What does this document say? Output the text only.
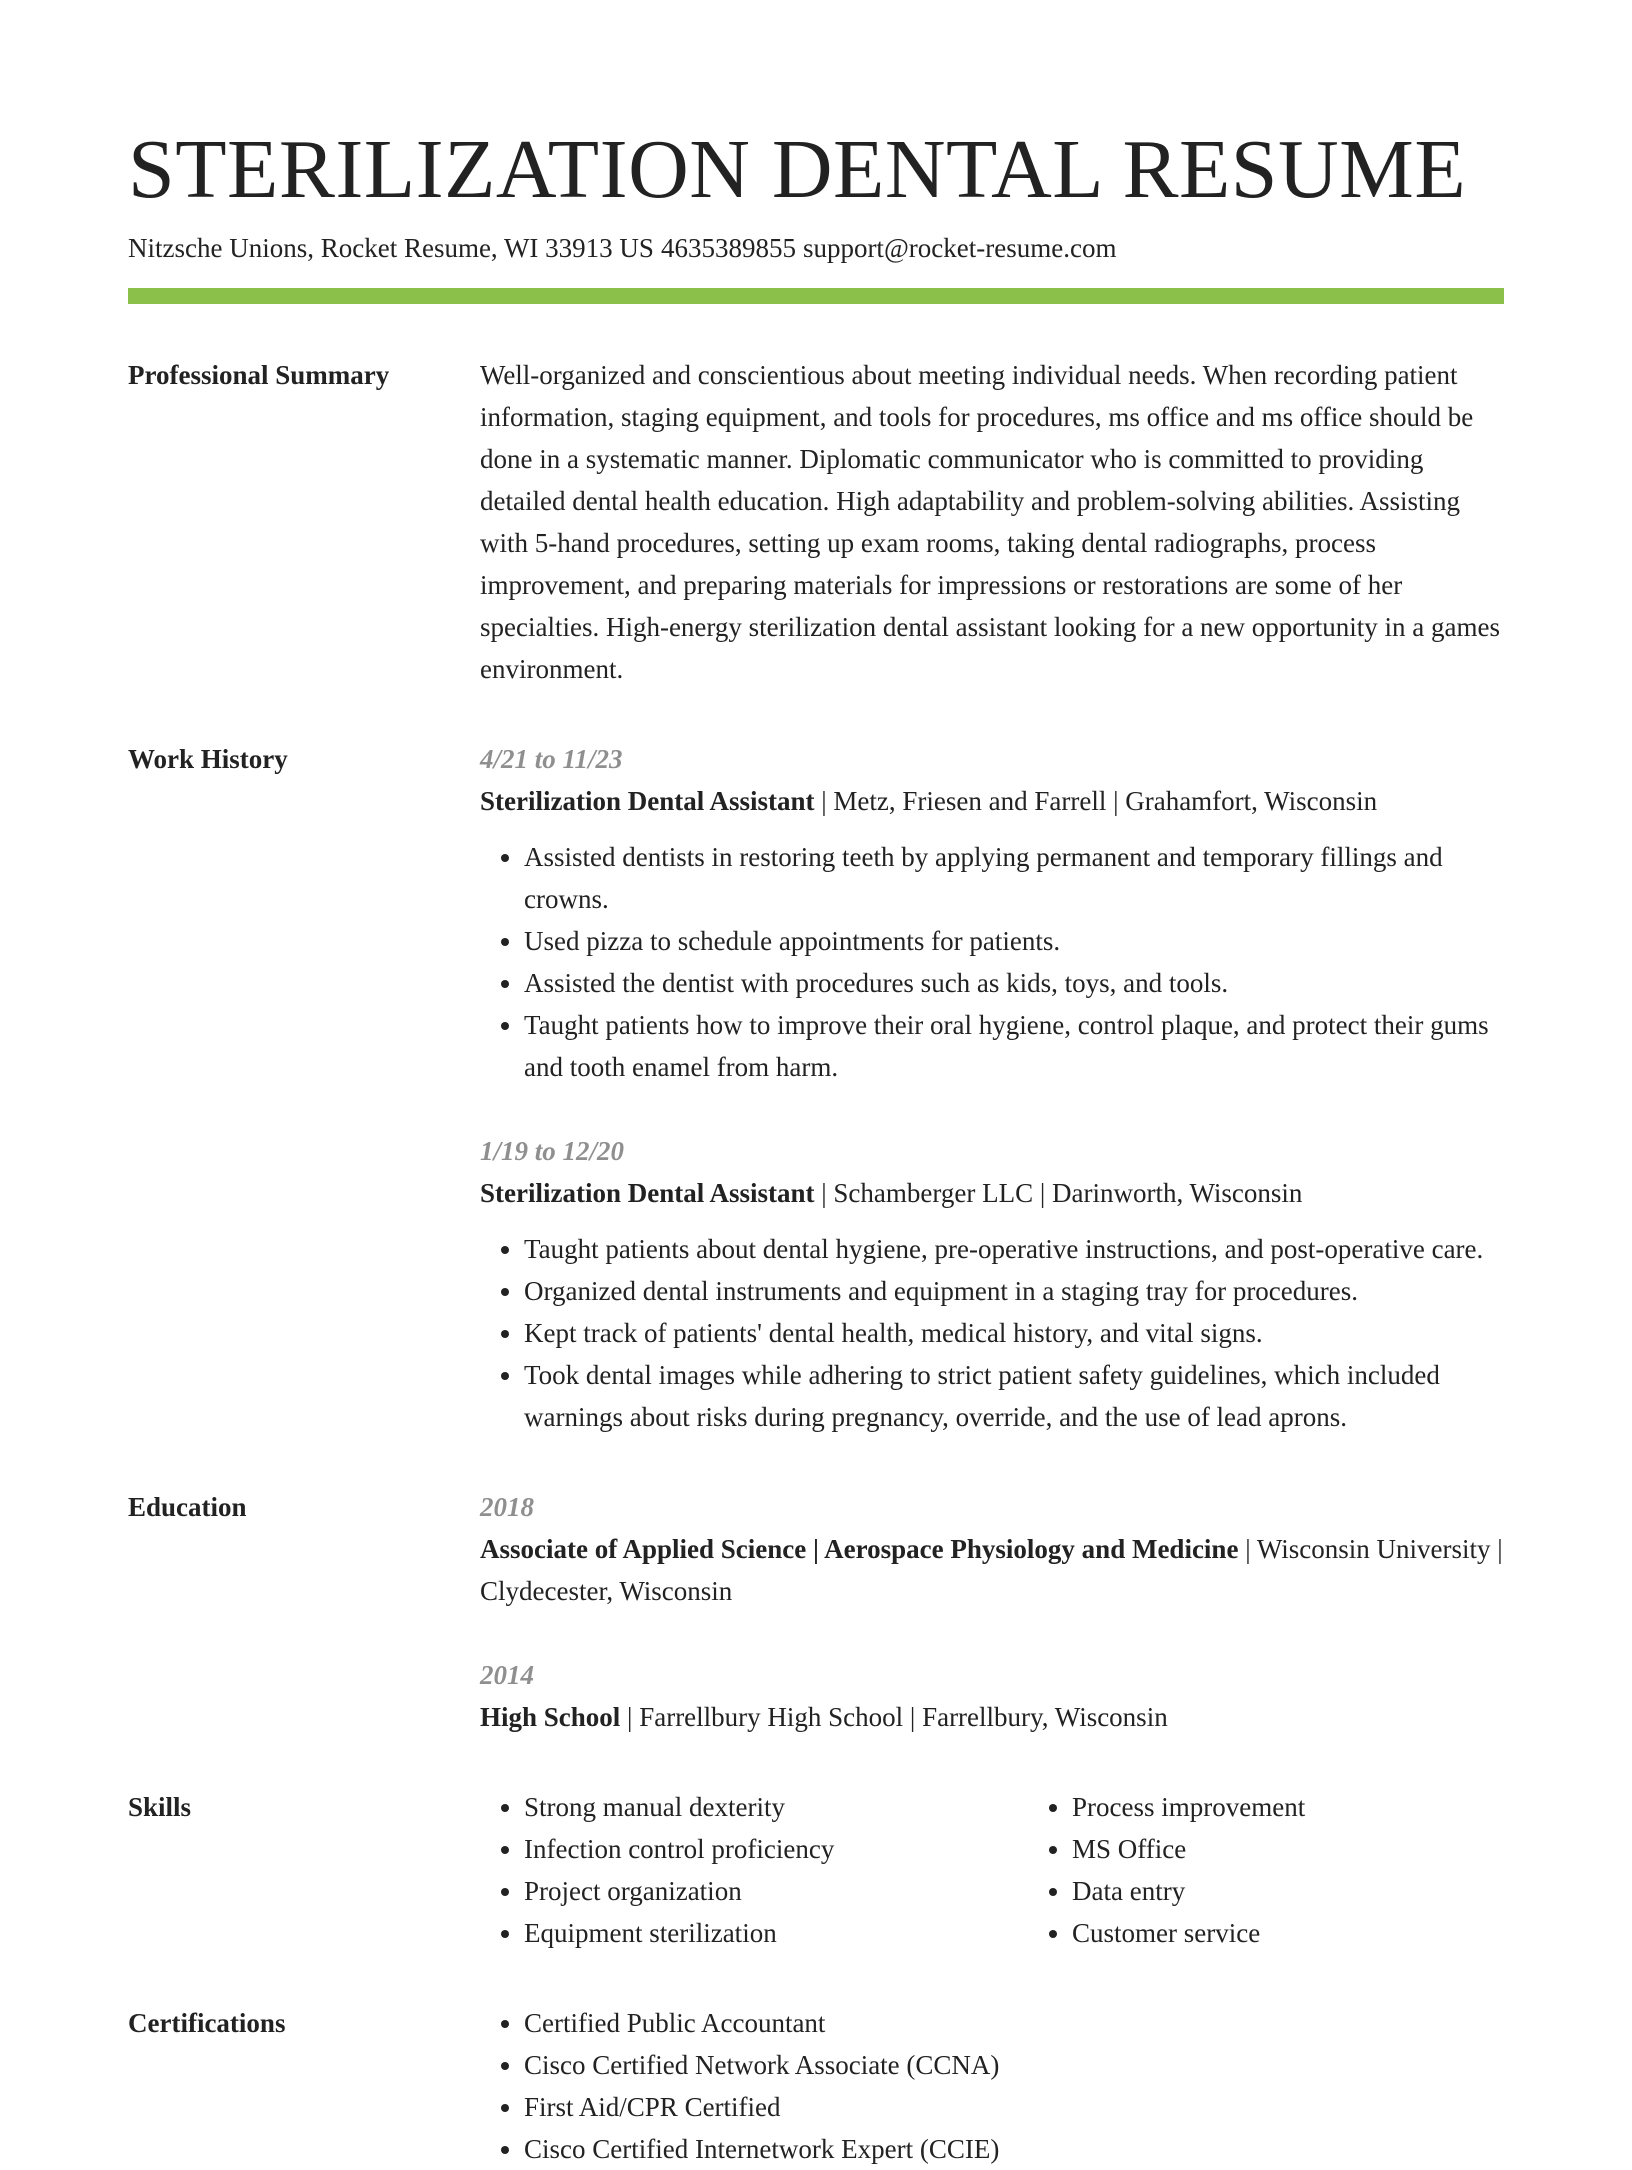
STERILIZATION DENTAL RESUME
Nitzsche Unions, Rocket Resume, WI 33913 US 4635389855 support@rocket-resume.com
Professional Summary	Well-organized and conscientious about meeting individual needs. When recording patient information, staging equipment, and tools for procedures, ms office and ms office should be done in a systematic manner. Diplomatic communicator who is committed to providing detailed dental health education. High adaptability and problem-solving abilities. Assisting with 5-hand procedures, setting up exam rooms, taking dental radiographs, process improvement, and preparing materials for impressions or restorations are some of her specialties. High-energy sterilization dental assistant looking for a new opportunity in a games environment.
Work History	4/21 to 11/23
Sterilization Dental Assistant | Metz, Friesen and Farrell | Grahamfort, Wisconsin
• Assisted dentists in restoring teeth by applying permanent and temporary fillings and crowns.
• Used pizza to schedule appointments for patients.
• Assisted the dentist with procedures such as kids, toys, and tools.
• Taught patients how to improve their oral hygiene, control plaque, and protect their gums and tooth enamel from harm.
1/19 to 12/20
Sterilization Dental Assistant | Schamberger LLC | Darinworth, Wisconsin
• Taught patients about dental hygiene, pre-operative instructions, and post-operative care.
• Organized dental instruments and equipment in a staging tray for procedures.
• Kept track of patients' dental health, medical history, and vital signs.
• Took dental images while adhering to strict patient safety guidelines, which included warnings about risks during pregnancy, override, and the use of lead aprons.
Education	2018
Associate of Applied Science | Aerospace Physiology and Medicine | Wisconsin University | Clydecester, Wisconsin
2014
High School | Farrellbury High School | Farrellbury, Wisconsin
Skills	• Strong manual dexterity
• Infection control proficiency
• Project organization
• Equipment sterilization
• Process improvement
• MS Office
• Data entry
• Customer service
Certifications	• Certified Public Accountant
• Cisco Certified Network Associate (CCNA)
• First Aid/CPR Certified
• Cisco Certified Internetwork Expert (CCIE)
